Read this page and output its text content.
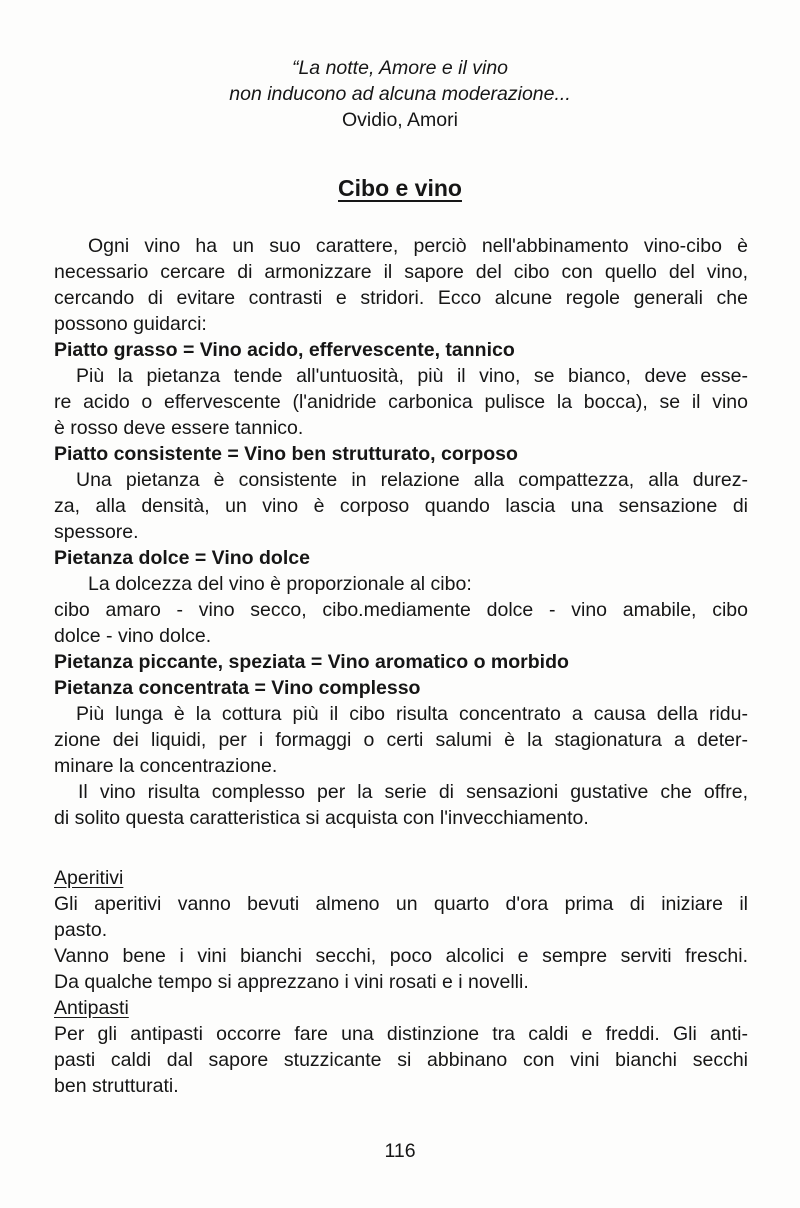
“La notte, Amore e il vino
non inducono ad alcuna moderazione...
Ovidio, Amori
Cibo e vino
Ogni vino ha un suo carattere, perciò nell'abbinamento vino-cibo è
necessario cercare di armonizzare il sapore del cibo con quello del vino,
cercando di evitare contrasti e stridori. Ecco alcune regole generali che
possono guidarci:
Piatto grasso = Vino acido, effervescente, tannico
Più la pietanza tende all'untuosità, più il vino, se bianco, deve esse-
re acido o effervescente (l'anidride carbonica pulisce la bocca), se il vino
è rosso deve essere tannico.
Piatto consistente = Vino ben strutturato, corposo
Una pietanza è consistente in relazione alla compattezza, alla durez-
za, alla densità, un vino è corposo quando lascia una sensazione di
spessore.
Pietanza dolce = Vino dolce
La dolcezza del vino è proporzionale al cibo:
cibo amaro - vino secco, cibo.mediamente dolce - vino amabile, cibo
dolce - vino dolce.
Pietanza piccante, speziata = Vino aromatico o morbido
Pietanza concentrata = Vino complesso
Più lunga è la cottura più il cibo risulta concentrato a causa della ridu-
zione dei liquidi, per i formaggi o certi salumi è la stagionatura a deter-
minare la concentrazione.
Il vino risulta complesso per la serie di sensazioni gustative che offre,
di solito questa caratteristica si acquista con l'invecchiamento.
Aperitivi
Gli aperitivi vanno bevuti almeno un quarto d'ora prima di iniziare il
pasto.
Vanno bene i vini bianchi secchi, poco alcolici e sempre serviti freschi.
Da qualche tempo si apprezzano i vini rosati e i novelli.
Antipasti
Per gli antipasti occorre fare una distinzione tra caldi e freddi. Gli anti-
pasti caldi dal sapore stuzzicante si abbinano con vini bianchi secchi
ben strutturati.
116
